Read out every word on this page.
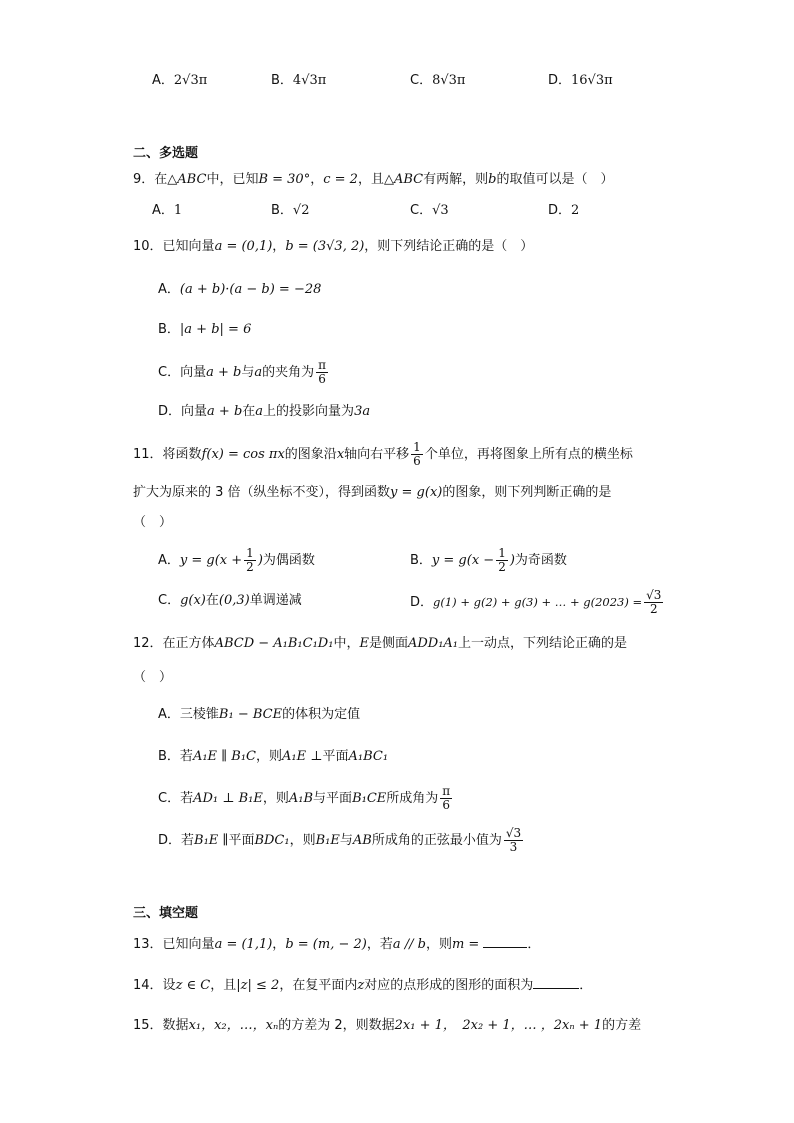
A．2√3π	B．4√3π	C．8√3π	D．16√3π
二、多选题
9．在△ABC中，已知B = 30°，c = 2，且△ABC有两解，则b的取值可以是（　）
A．1	B．√2	C．√3	D．2
10．已知向量a = (0,1)，b = (3√3, 2)，则下列结论正确的是（　）
A．(a + b)·(a − b) = −28
B．|a + b| = 6
C．向量a + b与a的夹角为 $\frac{\pi}{6}$
D．向量a + b在a上的投影向量为3a
11．将函数f(x) = cos πx的图象沿x轴向右平移 $\frac{1}{6}$ 个单位，再将图象上所有点的横坐标
扩大为原来的 3 倍（纵坐标不变），得到函数y = g(x)的图象，则下列判断正确的是
（　）
A．$y = g(x + \frac{1}{2}$ )为偶函数	B．$y = g(x - \frac{1}{2}$ )为奇函数
C．g(x)在(0,3)单调递减	D．g(1) + g(2) + g(3) + … + $g(2023) = \frac{√3}{2}$
12．在正方体ABCD − A₁B₁C₁D₁中，E是侧面ADD₁A₁上一动点，下列结论正确的是
（　）
A．三棱锥B₁ − BCE的体积为定值
B．若A₁E ∥ B₁C，则A₁E ⊥平面A₁BC₁
C．若AD₁ ⊥ B₁E，则A₁B与平面B₁CE所成角为 $\frac{\pi}{6}$
D．若B₁E ∥平面BDC₁，则B₁E与AB所成角的正弦最小值为 $\frac{√3}{3}$
三、填空题
13．已知向量a = (1,1)，b = (m, − 2)，若a // b，则m =	．
14．设z ∈ C，且|z| ≤ 2，在复平面内z对应的点形成的图形的面积为	．
15．数据x₁，x₂，…，xₙ的方差为 2，则数据2x₁ + 1，　2x₂ + 1，… ，2xₙ + 1的方差
